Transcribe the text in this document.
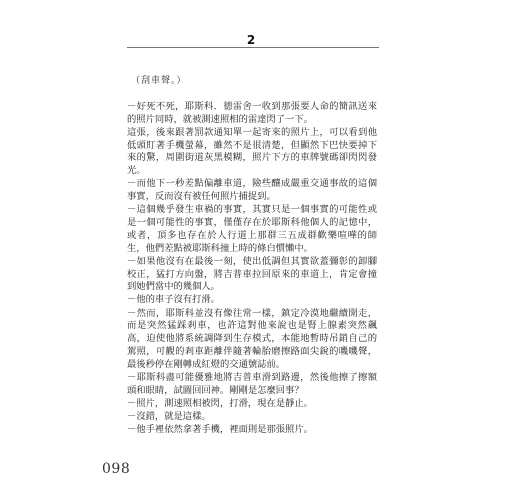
2
（刮車聲。）

－好死不死，耶斯科．德雷舍一收到那張要人命的簡訊送來的照片同時，就被測速照相的雷達閃了一下。

這張，後來跟著罰款通知單一起寄來的照片上，可以看到他低頭盯著手機螢幕，雖然不是很清楚，但顯然下巴快要掉下來的驚，周圍街道灰黑模糊，照片下方的車牌號碼卻閃閃發光。

－而他下一秒差點偏離車道，險些釀成嚴重交通事故的這個事實，反而沒有被任何照片捕捉到。

－這個幾乎發生車禍的事實，其實只是一個事實的可能性或是一個可能性的事實，僅僅存在於耶斯科他個人的記憶中，或者，頂多也存在於人行道上那群三五成群歡樂喧嘩的師生，他們差點被耶斯科撞上時的條白慣懶中。

－如果他沒有在最後一刻，使出低調但其實欲蓋彌彰的卸腳校正，猛打方向盤，將吉普車拉回原來的車道上，肯定會撞到她們當中的幾個人。

－他的車子沒有打滑。

－然而，耶斯科並沒有像往常一樣，鎮定冷漠地繼續開走，而是突然猛踩剎車，也許這對他來說也是腎上腺素突然飆高，迫使他將系統調降到生存模式，本能地暫時吊銷自己的駕照，可觀的剎車距離伴隨著輪胎磨擦路面尖銳的嘰嘰聲，最後秒停在剛轉成紅燈的交通號誌前。

－耶斯科盡可能優雅地將吉普車滑到路邊，然後他擦了擦額頭和眼睛，試圖回回神。剛剛是怎麼回事？

－照片，測速照相被閃，打滑，現在是靜止。

－沒錯，就是這樣。

－他手裡依然拿著手機，裡面則是那張照片。

098
